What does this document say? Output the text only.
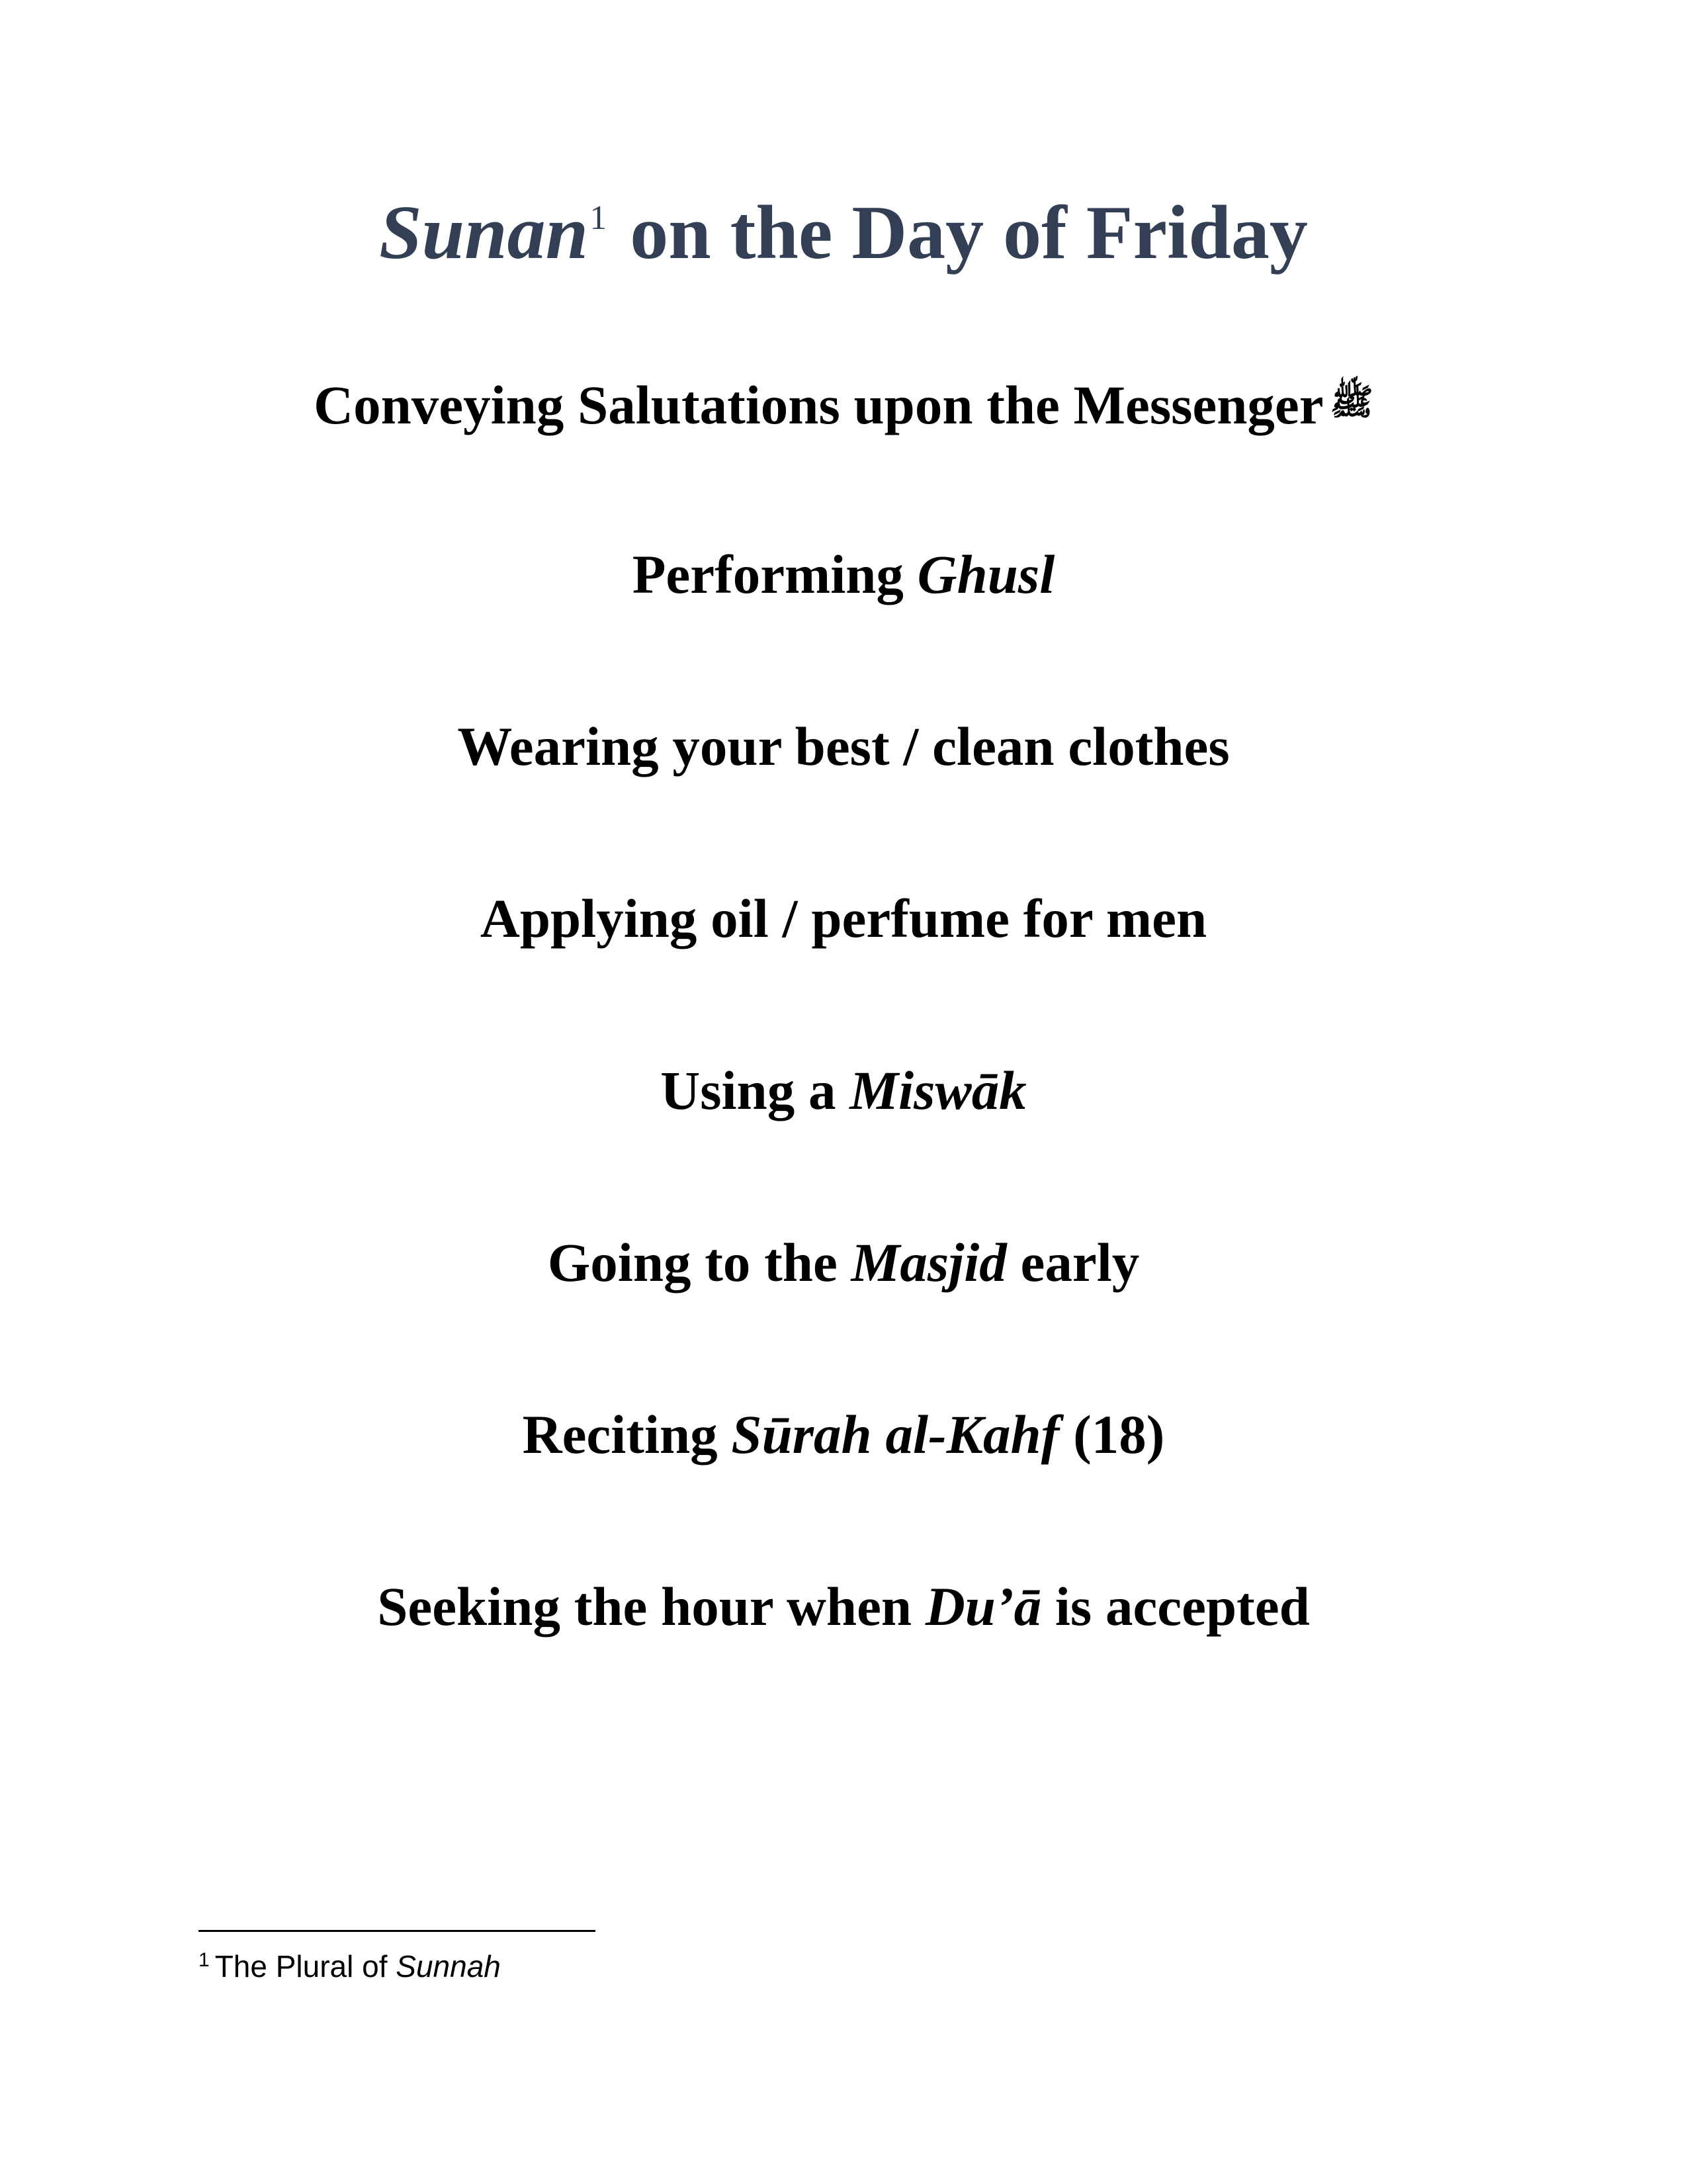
Sunan$^1$ on the Day of Friday
Conveying Salutations upon the Messenger ﷺ
Performing Ghusl
Wearing your best / clean clothes
Applying oil / perfume for men
Using a Miswāk
Going to the Masjid early
Reciting Sūrah al-Kahf (18)
Seeking the hour when Du’ā is accepted
$^1$ The Plural of Sunnah
